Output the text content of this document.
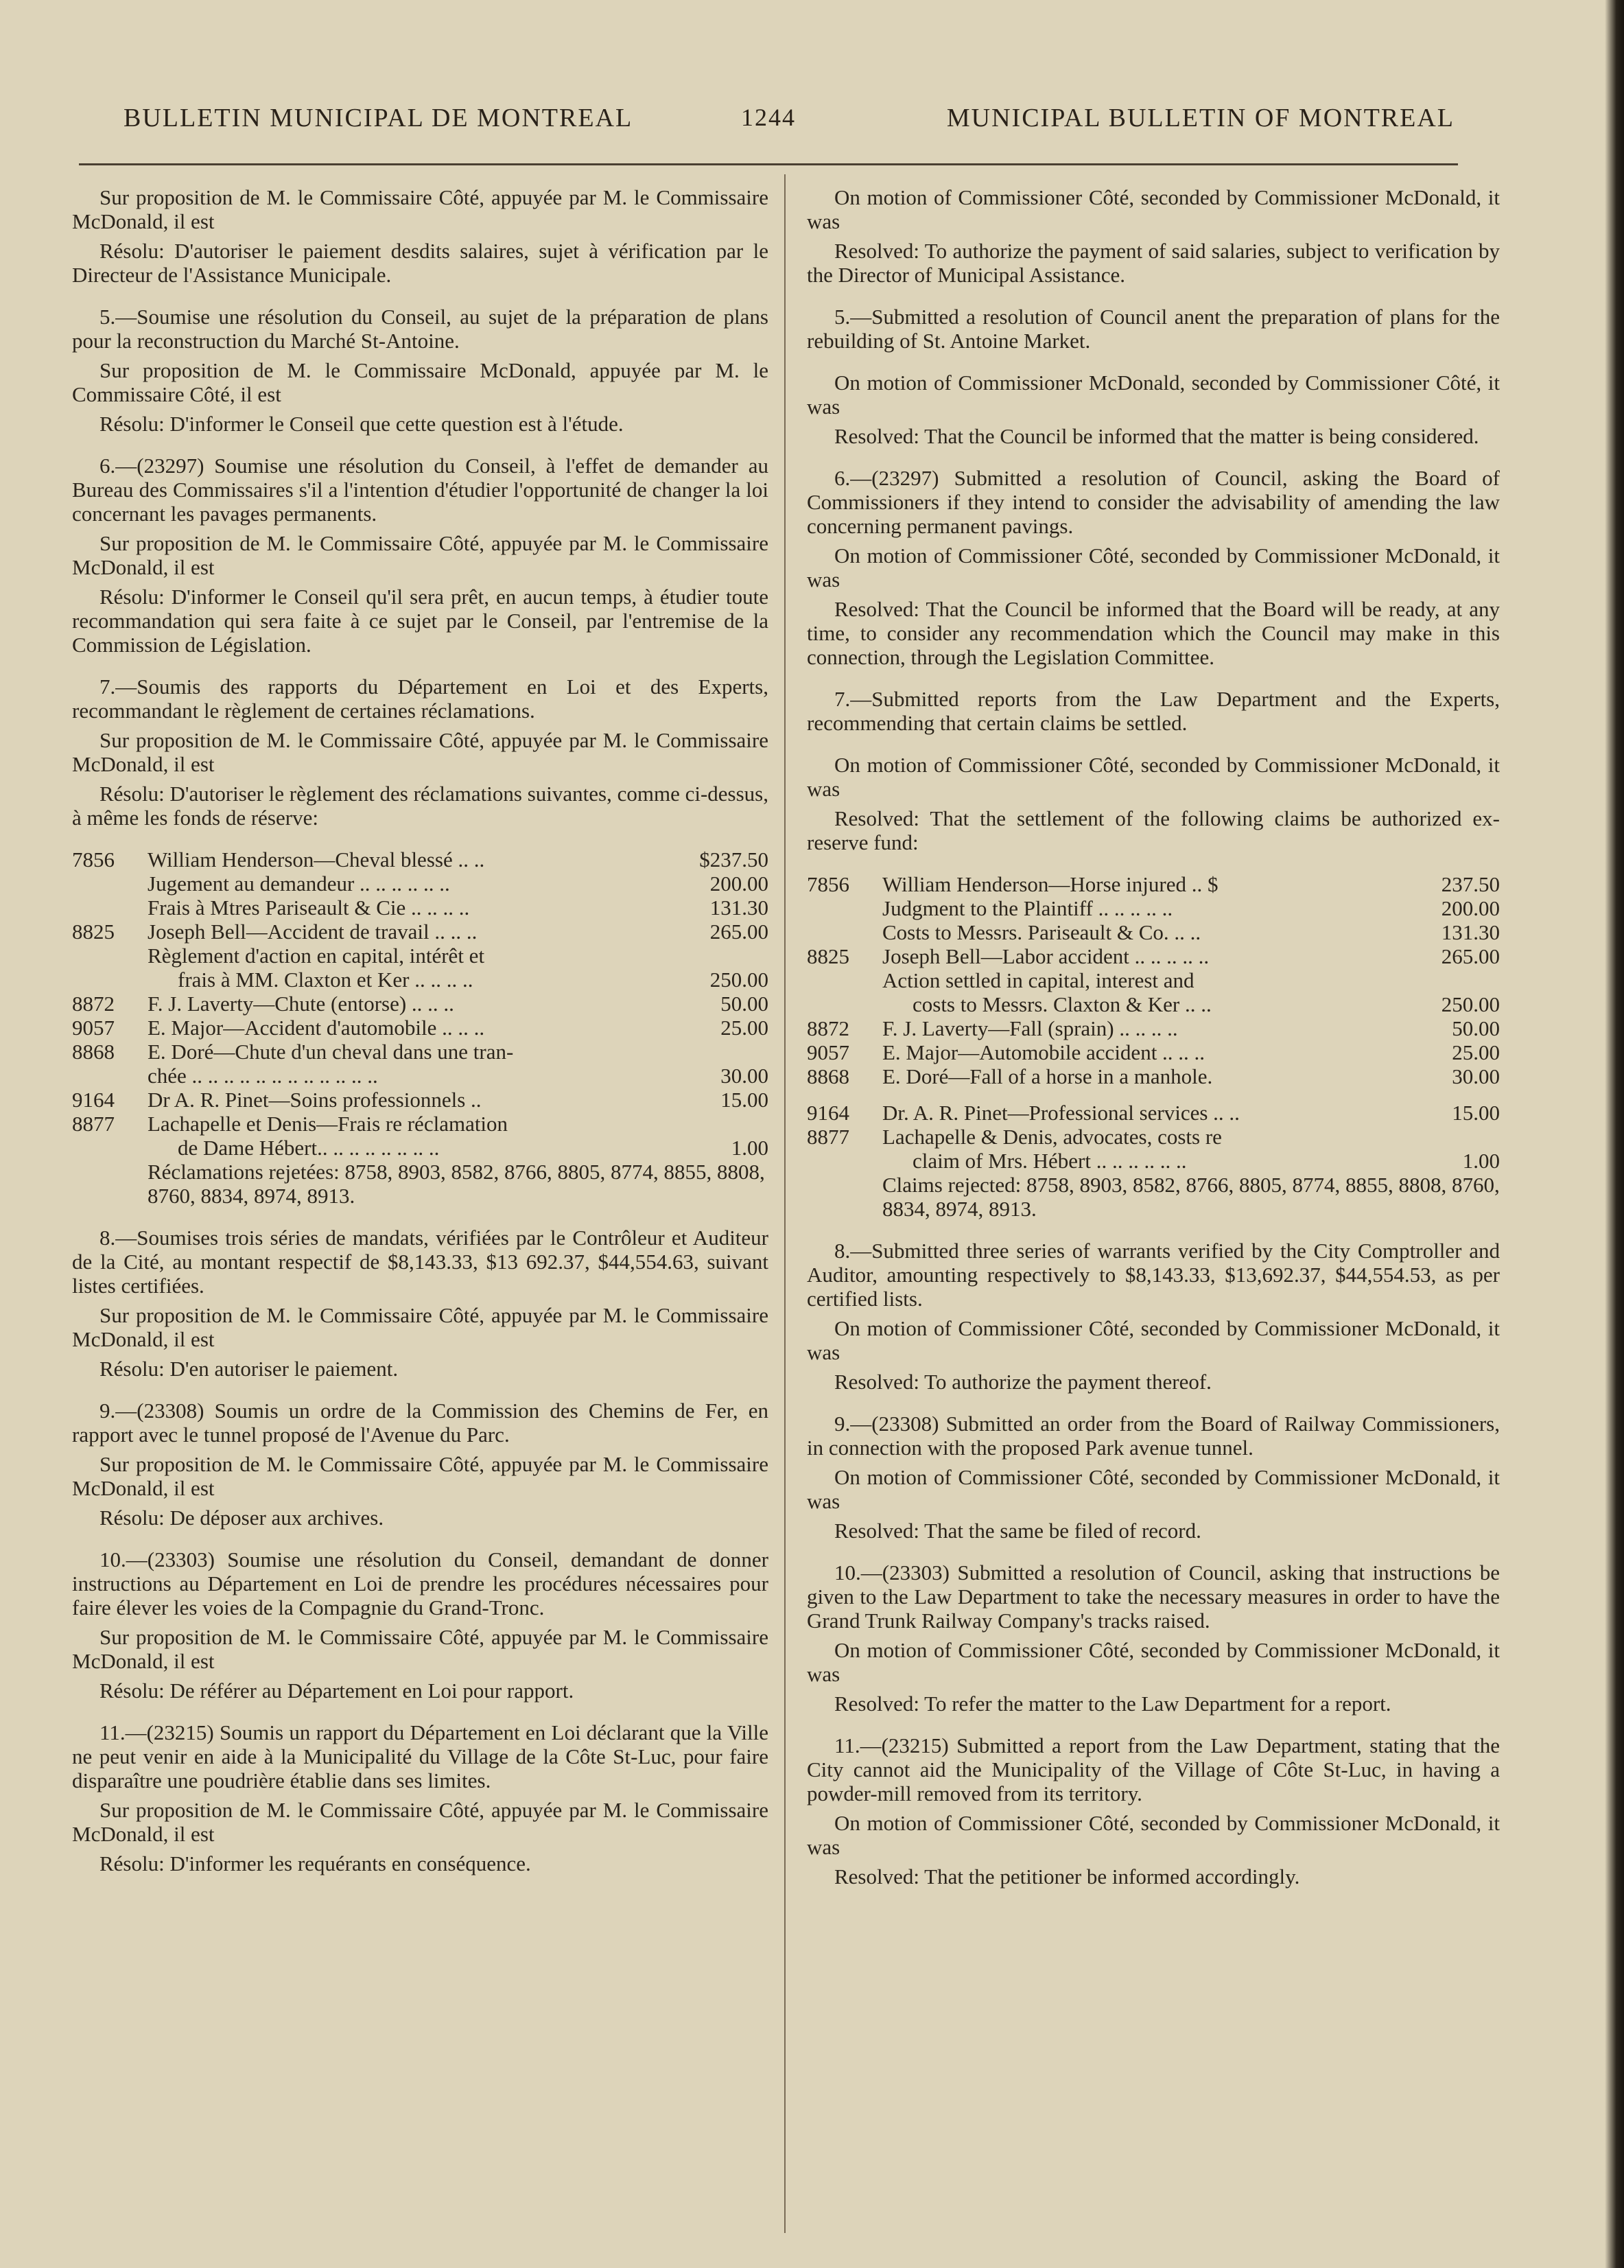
BULLETIN MUNICIPAL DE MONTREAL	1244	MUNICIPAL BULLETIN OF MONTREAL

Sur proposition de M. le Commissaire Côté, appuyée par M. le Commissaire McDonald, il est

Résolu: D'autoriser le paiement desdits salaires, sujet à vérification par le Directeur de l'Assistance Municipale.

5.—Soumise une résolution du Conseil, au sujet de la préparation de plans pour la reconstruction du Marché St-Antoine.

Sur proposition de M. le Commissaire McDonald, appuyée par M. le Commissaire Côté, il est

Résolu: D'informer le Conseil que cette question est à l'étude.

6.—(23297) Soumise une résolution du Conseil, à l'effet de demander au Bureau des Commissaires s'il a l'intention d'étudier l'opportunité de changer la loi concernant les pavages permanents.

Sur proposition de M. le Commissaire Côté, appuyée par M. le Commissaire McDonald, il est

Résolu: D'informer le Conseil qu'il sera prêt, en aucun temps, à étudier toute recommandation qui sera faite à ce sujet par le Conseil, par l'entremise de la Commission de Législation.

7.—Soumis des rapports du Département en Loi et des Experts, recommandant le règlement de certaines réclamations.

Sur proposition de M. le Commissaire Côté, appuyée par M. le Commissaire McDonald, il est

Résolu: D'autoriser le règlement des réclamations suivantes, comme ci-dessus, à même les fonds de réserve:

7856	William Henderson—Cheval blessé .. ..	$237.50
Jugement au demandeur .. .. .. .. .. ..	200.00
Frais à Mtres Pariseault & Cie .. .. .. ..	131.30
8825	Joseph Bell—Accident de travail .. .. ..	265.00
Règlement d'action en capital, intérêt et
frais à MM. Claxton et Ker .. .. .. ..	250.00
8872	F. J. Laverty—Chute (entorse) .. .. ..	50.00
9057	E. Major—Accident d'automobile .. .. ..	25.00
8868	E. Doré—Chute d'un cheval dans une tran-
chée .. .. .. .. .. .. .. .. .. .. .. ..	30.00
9164	Dr A. R. Pinet—Soins professionnels ..	15.00
8877	Lachapelle et Denis—Frais re réclamation
de Dame Hébert.. .. .. .. .. .. .. ..	1.00
Réclamations rejetées: 8758, 8903, 8582, 8766, 8805, 8774, 8855, 8808, 8760, 8834, 8974, 8913.

8.—Soumises trois séries de mandats, vérifiées par le Contrôleur et Auditeur de la Cité, au montant respectif de $8,143.33, $13 692.37, $44,554.63, suivant listes certifiées.

Sur proposition de M. le Commissaire Côté, appuyée par M. le Commissaire McDonald, il est

Résolu: D'en autoriser le paiement.

9.—(23308) Soumis un ordre de la Commission des Chemins de Fer, en rapport avec le tunnel proposé de l'Avenue du Parc.

Sur proposition de M. le Commissaire Côté, appuyée par M. le Commissaire McDonald, il est

Résolu: De déposer aux archives.

10.—(23303) Soumise une résolution du Conseil, demandant de donner instructions au Département en Loi de prendre les procédures nécessaires pour faire élever les voies de la Compagnie du Grand-Tronc.

Sur proposition de M. le Commissaire Côté, appuyée par M. le Commissaire McDonald, il est

Résolu: De référer au Département en Loi pour rapport.

11.—(23215) Soumis un rapport du Département en Loi déclarant que la Ville ne peut venir en aide à la Municipalité du Village de la Côte St-Luc, pour faire disparaître une poudrière établie dans ses limites.

Sur proposition de M. le Commissaire Côté, appuyée par M. le Commissaire McDonald, il est

Résolu: D'informer les requérants en conséquence.

On motion of Commissioner Côté, seconded by Commissioner McDonald, it was

Resolved: To authorize the payment of said salaries, subject to verification by the Director of Municipal Assistance.

5.—Submitted a resolution of Council anent the preparation of plans for the rebuilding of St. Antoine Market.

On motion of Commissioner McDonald, seconded by Commissioner Côté, it was

Resolved: That the Council be informed that the matter is being considered.

6.—(23297) Submitted a resolution of Council, asking the Board of Commissioners if they intend to consider the advisability of amending the law concerning permanent pavings.

On motion of Commissioner Côté, seconded by Commissioner McDonald, it was

Resolved: That the Council be informed that the Board will be ready, at any time, to consider any recommendation which the Council may make in this connection, through the Legislation Committee.

7.—Submitted reports from the Law Department and the Experts, recommending that certain claims be settled.

On motion of Commissioner Côté, seconded by Commissioner McDonald, it was

Resolved: That the settlement of the following claims be authorized ex-reserve fund:

7856	William Henderson—Horse injured .. $	237.50
Judgment to the Plaintiff .. .. .. .. ..	200.00
Costs to Messrs. Pariseault & Co. .. ..	131.30
8825	Joseph Bell—Labor accident .. .. .. .. ..	265.00
Action settled in capital, interest and
costs to Messrs. Claxton & Ker .. ..	250.00
8872	F. J. Laverty—Fall (sprain) .. .. .. ..	50.00
9057	E. Major—Automobile accident .. .. ..	25.00
8868	E. Doré—Fall of a horse in a manhole.	30.00
9164	Dr. A. R. Pinet—Professional services .. ..	15.00
8877	Lachapelle & Denis, advocates, costs re
claim of Mrs. Hébert .. .. .. .. .. ..	1.00
Claims rejected: 8758, 8903, 8582, 8766, 8805, 8774, 8855, 8808, 8760, 8834, 8974, 8913.

8.—Submitted three series of warrants verified by the City Comptroller and Auditor, amounting respectively to $8,143.33, $13,692.37, $44,554.53, as per certified lists.

On motion of Commissioner Côté, seconded by Commissioner McDonald, it was

Resolved: To authorize the payment thereof.

9.—(23308) Submitted an order from the Board of Railway Commissioners, in connection with the proposed Park avenue tunnel.

On motion of Commissioner Côté, seconded by Commissioner McDonald, it was

Resolved: That the same be filed of record.

10.—(23303) Submitted a resolution of Council, asking that instructions be given to the Law Department to take the necessary measures in order to have the Grand Trunk Railway Company's tracks raised.

On motion of Commissioner Côté, seconded by Commissioner McDonald, it was

Resolved: To refer the matter to the Law Department for a report.

11.—(23215) Submitted a report from the Law Department, stating that the City cannot aid the Municipality of the Village of Côte St-Luc, in having a powder-mill removed from its territory.

On motion of Commissioner Côté, seconded by Commissioner McDonald, it was

Resolved: That the petitioner be informed accordingly.
